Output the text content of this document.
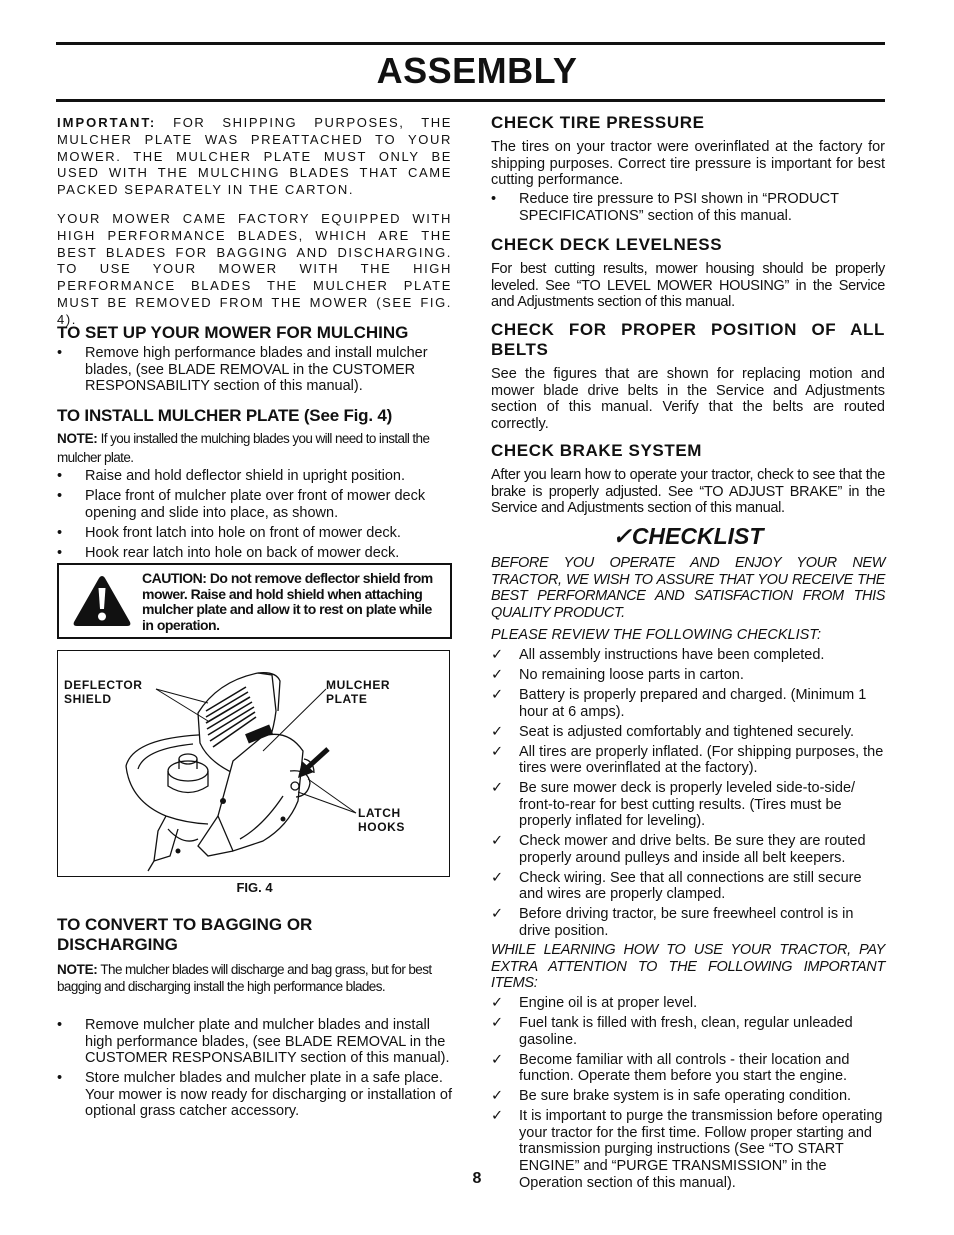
ASSEMBLY
IMPORTANT: FOR SHIPPING PURPOSES, THE MULCHER PLATE WAS PREATTACHED TO YOUR MOWER. THE MULCHER PLATE MUST ONLY BE USED WITH THE MULCHING BLADES THAT CAME PACKED SEPARATELY IN THE CARTON.
YOUR MOWER CAME FACTORY EQUIPPED WITH HIGH PERFORMANCE BLADES, WHICH ARE THE BEST BLADES FOR BAGGING AND DISCHARGING. TO USE YOUR MOWER WITH THE HIGH PERFORMANCE BLADES THE MULCHER PLATE MUST BE REMOVED FROM THE MOWER (SEE FIG. 4).
TO SET UP YOUR MOWER FOR MULCHING
• Remove high performance blades and install mulcher blades, (see BLADE REMOVAL in the CUSTOMER RESPONSABILITY section of this manual).
TO INSTALL MULCHER PLATE (See Fig. 4)
NOTE: If you installed the mulching blades you will need to install the mulcher plate.
• Raise and hold deflector shield in upright position.
• Place front of mulcher plate over front of mower deck opening and slide into place, as shown.
• Hook front latch into hole on front of mower deck.
• Hook rear latch into hole on back of mower deck.
CAUTION: Do not remove deflector shield from mower. Raise and hold shield when attaching mulcher plate and allow it to rest on plate while in operation.
DEFLECTOR SHIELD
MULCHER PLATE
LATCH HOOKS
FIG. 4
TO CONVERT TO BAGGING OR DISCHARGING
NOTE: The mulcher blades will discharge and bag grass, but for best bagging and discharging install the high performance blades.
• Remove mulcher plate and mulcher blades and install high performance blades, (see BLADE REMOVAL in the CUSTOMER RESPONSABILITY section of this manual).
• Store mulcher blades and mulcher plate in a safe place. Your mower is now ready for discharging or installation of optional grass catcher accessory.
CHECK TIRE PRESSURE
The tires on your tractor were overinflated at the factory for shipping purposes. Correct tire pressure is important for best cutting performance.
• Reduce tire pressure to PSI shown in “PRODUCT SPECIFICATIONS” section of this manual.
CHECK DECK LEVELNESS
For best cutting results, mower housing should be properly leveled. See “TO LEVEL MOWER HOUSING” in the Service and Adjustments section of this manual.
CHECK FOR PROPER POSITION OF ALL BELTS
See the figures that are shown for replacing motion and mower blade drive belts in the Service and Adjustments section of this manual. Verify that the belts are routed correctly.
CHECK BRAKE SYSTEM
After you learn how to operate your tractor, check to see that the brake is properly adjusted. See “TO ADJUST BRAKE” in the Service and Adjustments section of this manual.
✓CHECKLIST
BEFORE YOU OPERATE AND ENJOY YOUR NEW TRACTOR, WE WISH TO ASSURE THAT YOU RECEIVE THE BEST PERFORMANCE AND SATISFACTION FROM THIS QUALITY PRODUCT.
PLEASE REVIEW THE FOLLOWING CHECKLIST:
✓ All assembly instructions have been completed.
✓ No remaining loose parts in carton.
✓ Battery is properly prepared and charged. (Minimum 1 hour at 6 amps).
✓ Seat is adjusted comfortably and tightened securely.
✓ All tires are properly inflated. (For shipping purposes, the tires were overinflated at the factory).
✓ Be sure mower deck is properly leveled side-to-side/ front-to-rear for best cutting results. (Tires must be properly inflated for leveling).
✓ Check mower and drive belts. Be sure they are routed properly around pulleys and inside all belt keepers.
✓ Check wiring. See that all connections are still secure and wires are properly clamped.
✓ Before driving tractor, be sure freewheel control is in drive position.
WHILE LEARNING HOW TO USE YOUR TRACTOR, PAY EXTRA ATTENTION TO THE FOLLOWING IMPORTANT ITEMS:
✓ Engine oil is at proper level.
✓ Fuel tank is filled with fresh, clean, regular unleaded gasoline.
✓ Become familiar with all controls - their location and function. Operate them before you start the engine.
✓ Be sure brake system is in safe operating condition.
✓ It is important to purge the transmission before operating your tractor for the first time. Follow proper starting and transmission purging instructions (See “TO START ENGINE” and “PURGE TRANSMISSION” in the Operation section of this manual).
8
